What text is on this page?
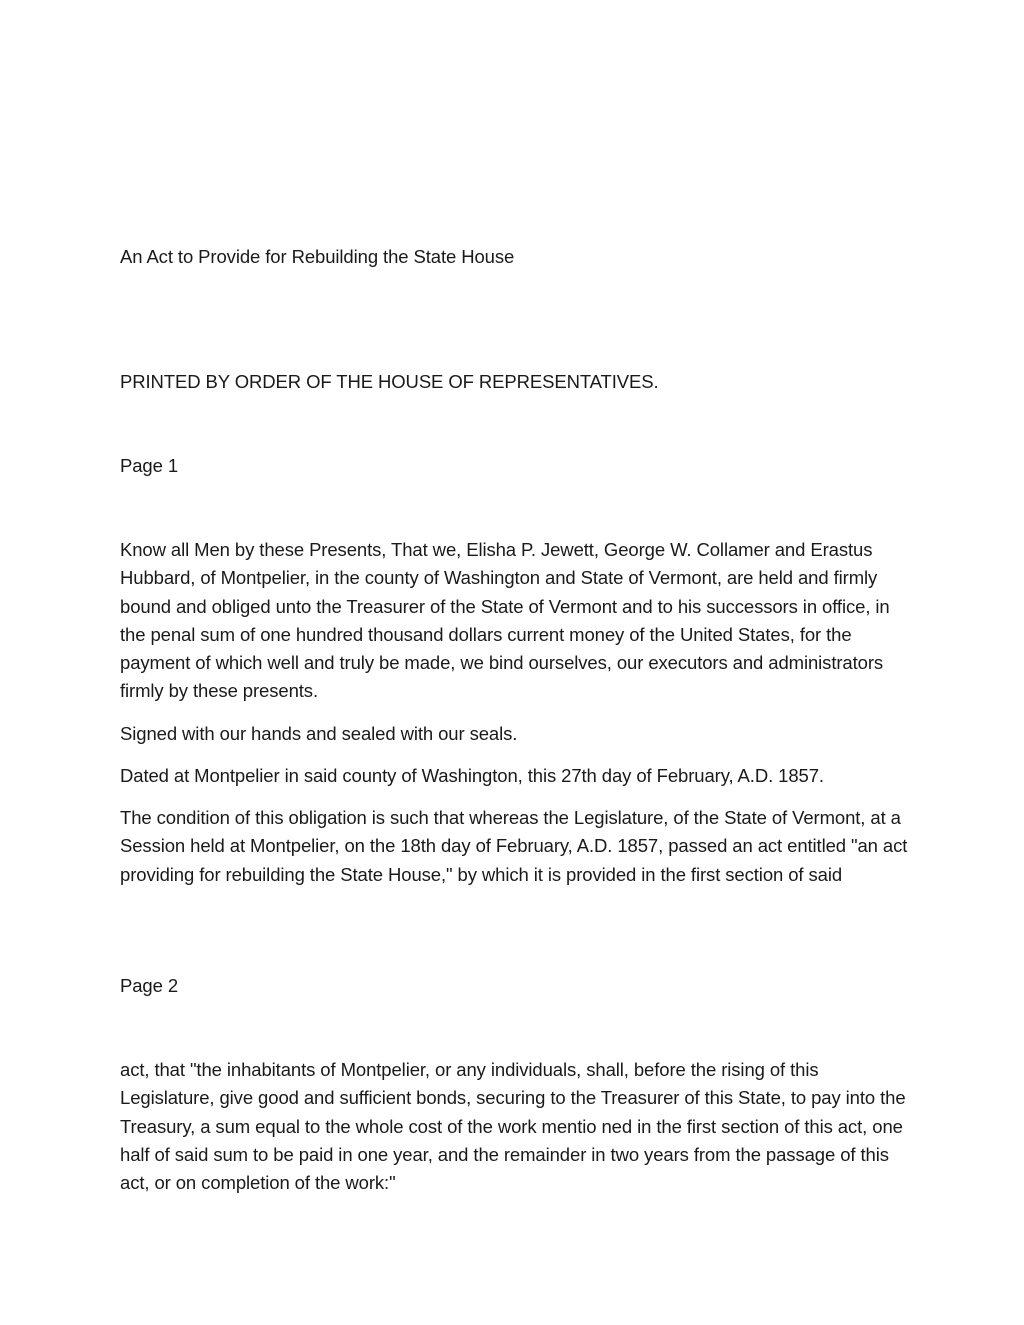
An Act to Provide for Rebuilding the State House

PRINTED BY ORDER OF THE HOUSE OF REPRESENTATIVES.

Page 1

Know all Men by these Presents, That we, Elisha P. Jewett, George W. Collamer and Erastus Hubbard, of Montpelier, in the county of Washington and State of Vermont, are held and firmly bound and obliged unto the Treasurer of the State of Vermont and to his successors in office, in the penal sum of one hundred thousand dollars current money of the United States, for the payment of which well and truly be made, we bind ourselves, our executors and administrators firmly by these presents.

Signed with our hands and sealed with our seals.

Dated at Montpelier in said county of Washington, this 27th day of February, A.D. 1857.

The condition of this obligation is such that whereas the Legislature, of the State of Vermont, at a Session held at Montpelier, on the 18th day of February, A.D. 1857, passed an act entitled "an act providing for rebuilding the State House," by which it is provided in the first section of said

Page 2

act, that "the inhabitants of Montpelier, or any individuals, shall, before the rising of this Legislature, give good and sufficient bonds, securing to the Treasurer of this State, to pay into the Treasury, a sum equal to the whole cost of the work mentio ned in the first section of this act, one half of said sum to be paid in one year, and the remainder in two years from the passage of this act, or on completion of the work:"
